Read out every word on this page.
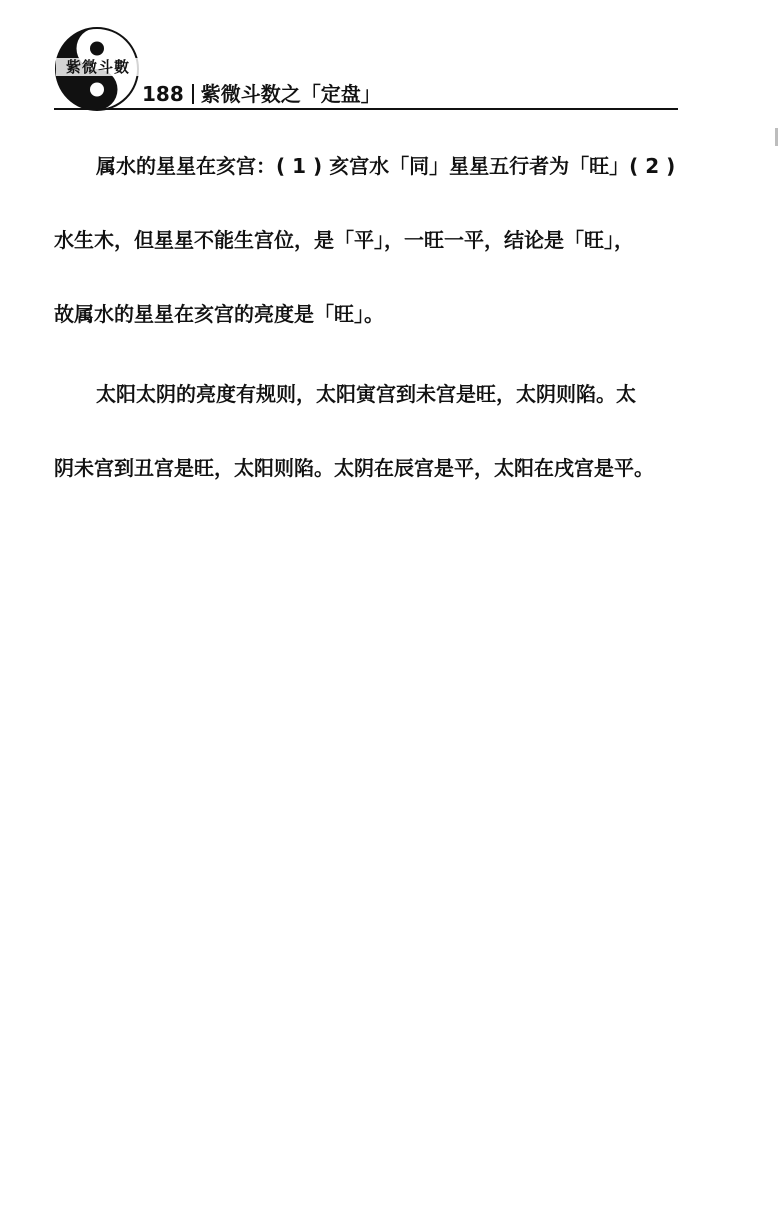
紫微斗數
188 紫微斗数之「定盘」
属水的星星在亥宫：( 1 ) 亥宫水「同」星星五行者为「旺」( 2 )
水生木，但星星不能生宫位，是「平」，一旺一平，结论是「旺」，
故属水的星星在亥宫的亮度是「旺」。
太阳太阴的亮度有规则，太阳寅宫到未宫是旺，太阴则陷。太
阴未宫到丑宫是旺，太阳则陷。太阴在辰宫是平，太阳在戌宫是平。
